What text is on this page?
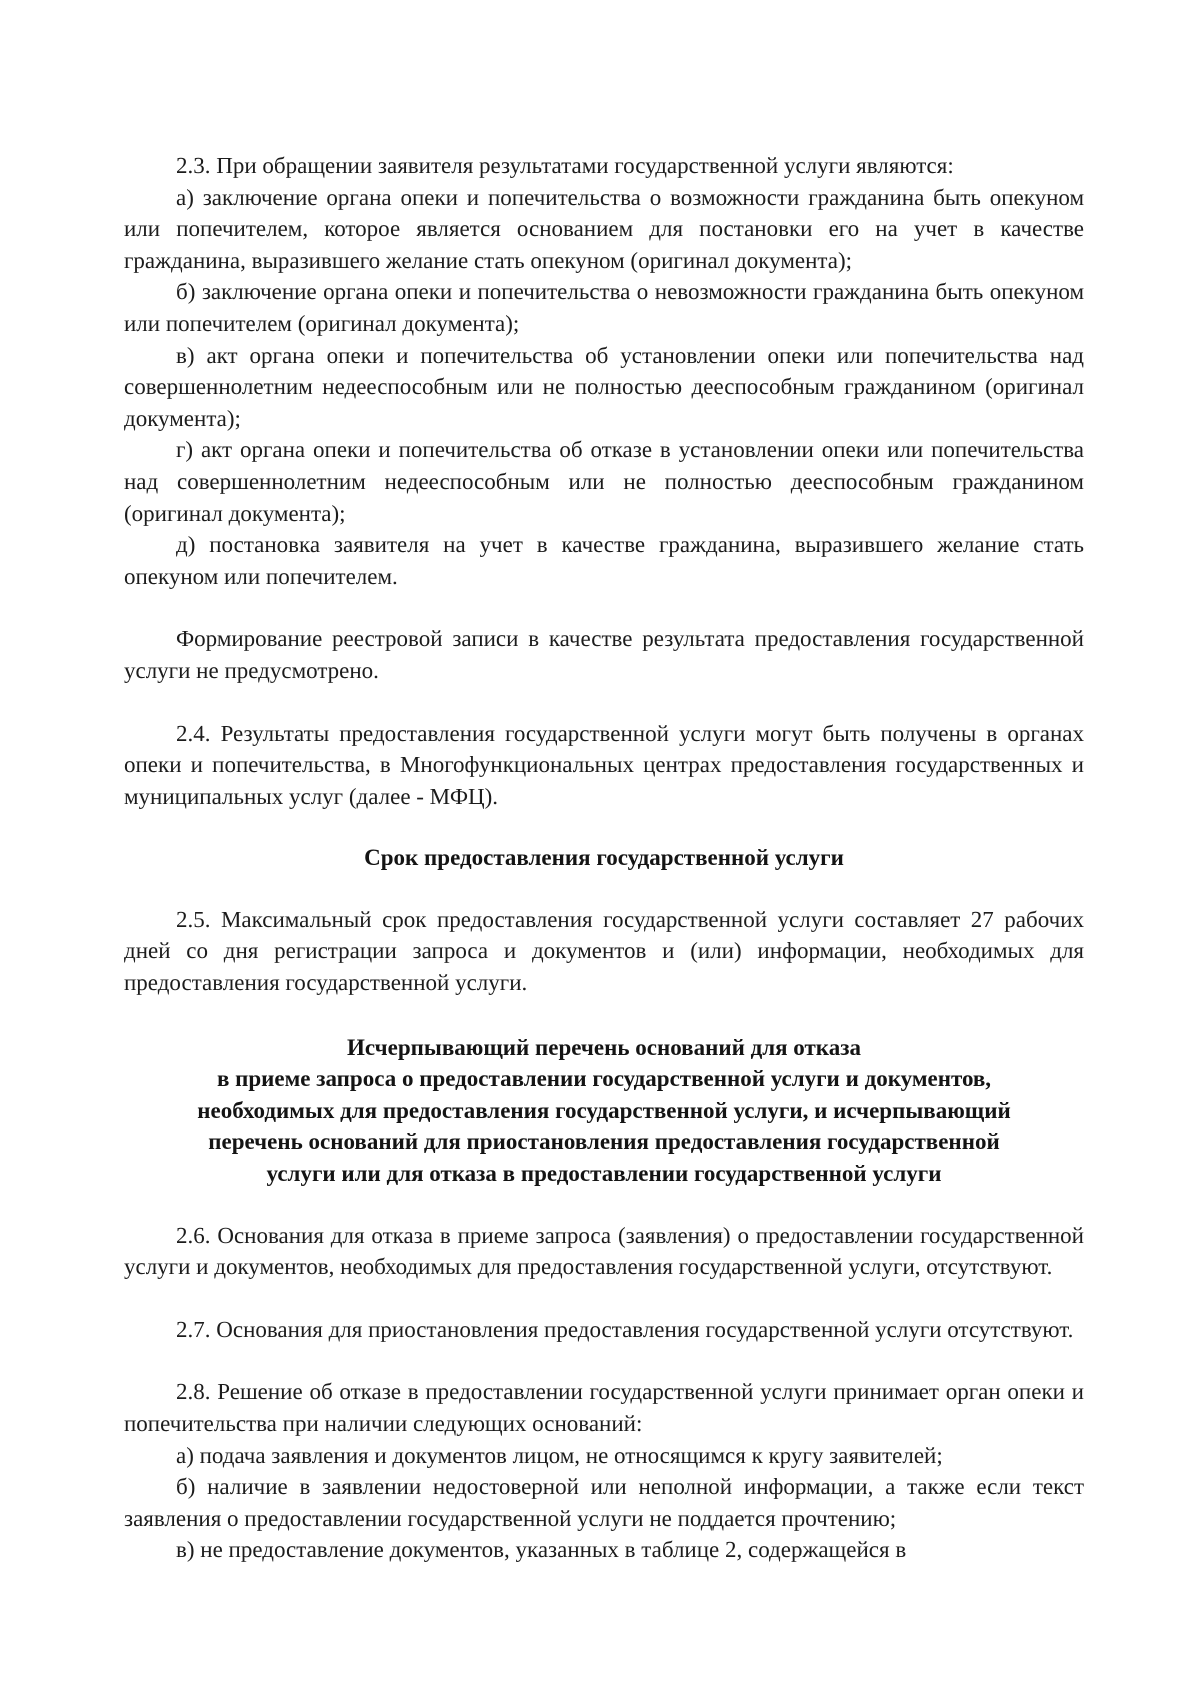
2.3. При обращении заявителя результатами государственной услуги являются:

а) заключение органа опеки и попечительства о возможности гражданина быть опекуном или попечителем, которое является основанием для постановки его на учет в качестве гражданина, выразившего желание стать опекуном (оригинал документа);

б) заключение органа опеки и попечительства о невозможности гражданина быть опекуном или попечителем (оригинал документа);

в) акт органа опеки и попечительства об установлении опеки или попечительства над совершеннолетним недееспособным или не полностью дееспособным гражданином (оригинал документа);

г) акт органа опеки и попечительства об отказе в установлении опеки или попечительства над совершеннолетним недееспособным или не полностью дееспособным гражданином (оригинал документа);

д) постановка заявителя на учет в качестве гражданина, выразившего желание стать опекуном или попечителем.

Формирование реестровой записи в качестве результата предоставления государственной услуги не предусмотрено.

2.4. Результаты предоставления государственной услуги могут быть получены в органах опеки и попечительства, в Многофункциональных центрах предоставления государственных и муниципальных услуг (далее - МФЦ).

Срок предоставления государственной услуги

2.5. Максимальный срок предоставления государственной услуги составляет 27 рабочих дней со дня регистрации запроса и документов и (или) информации, необходимых для предоставления государственной услуги.

Исчерпывающий перечень оснований для отказа
в приеме запроса о предоставлении государственной услуги и документов,
необходимых для предоставления государственной услуги, и исчерпывающий
перечень оснований для приостановления предоставления государственной
услуги или для отказа в предоставлении государственной услуги

2.6. Основания для отказа в приеме запроса (заявления) о предоставлении государственной услуги и документов, необходимых для предоставления государственной услуги, отсутствуют.

2.7. Основания для приостановления предоставления государственной услуги отсутствуют.

2.8. Решение об отказе в предоставлении государственной услуги принимает орган опеки и попечительства при наличии следующих оснований:

а) подача заявления и документов лицом, не относящимся к кругу заявителей;

б) наличие в заявлении недостоверной или неполной информации, а также если текст заявления о предоставлении государственной услуги не поддается прочтению;

в) не предоставление документов, указанных в таблице 2, содержащейся в
